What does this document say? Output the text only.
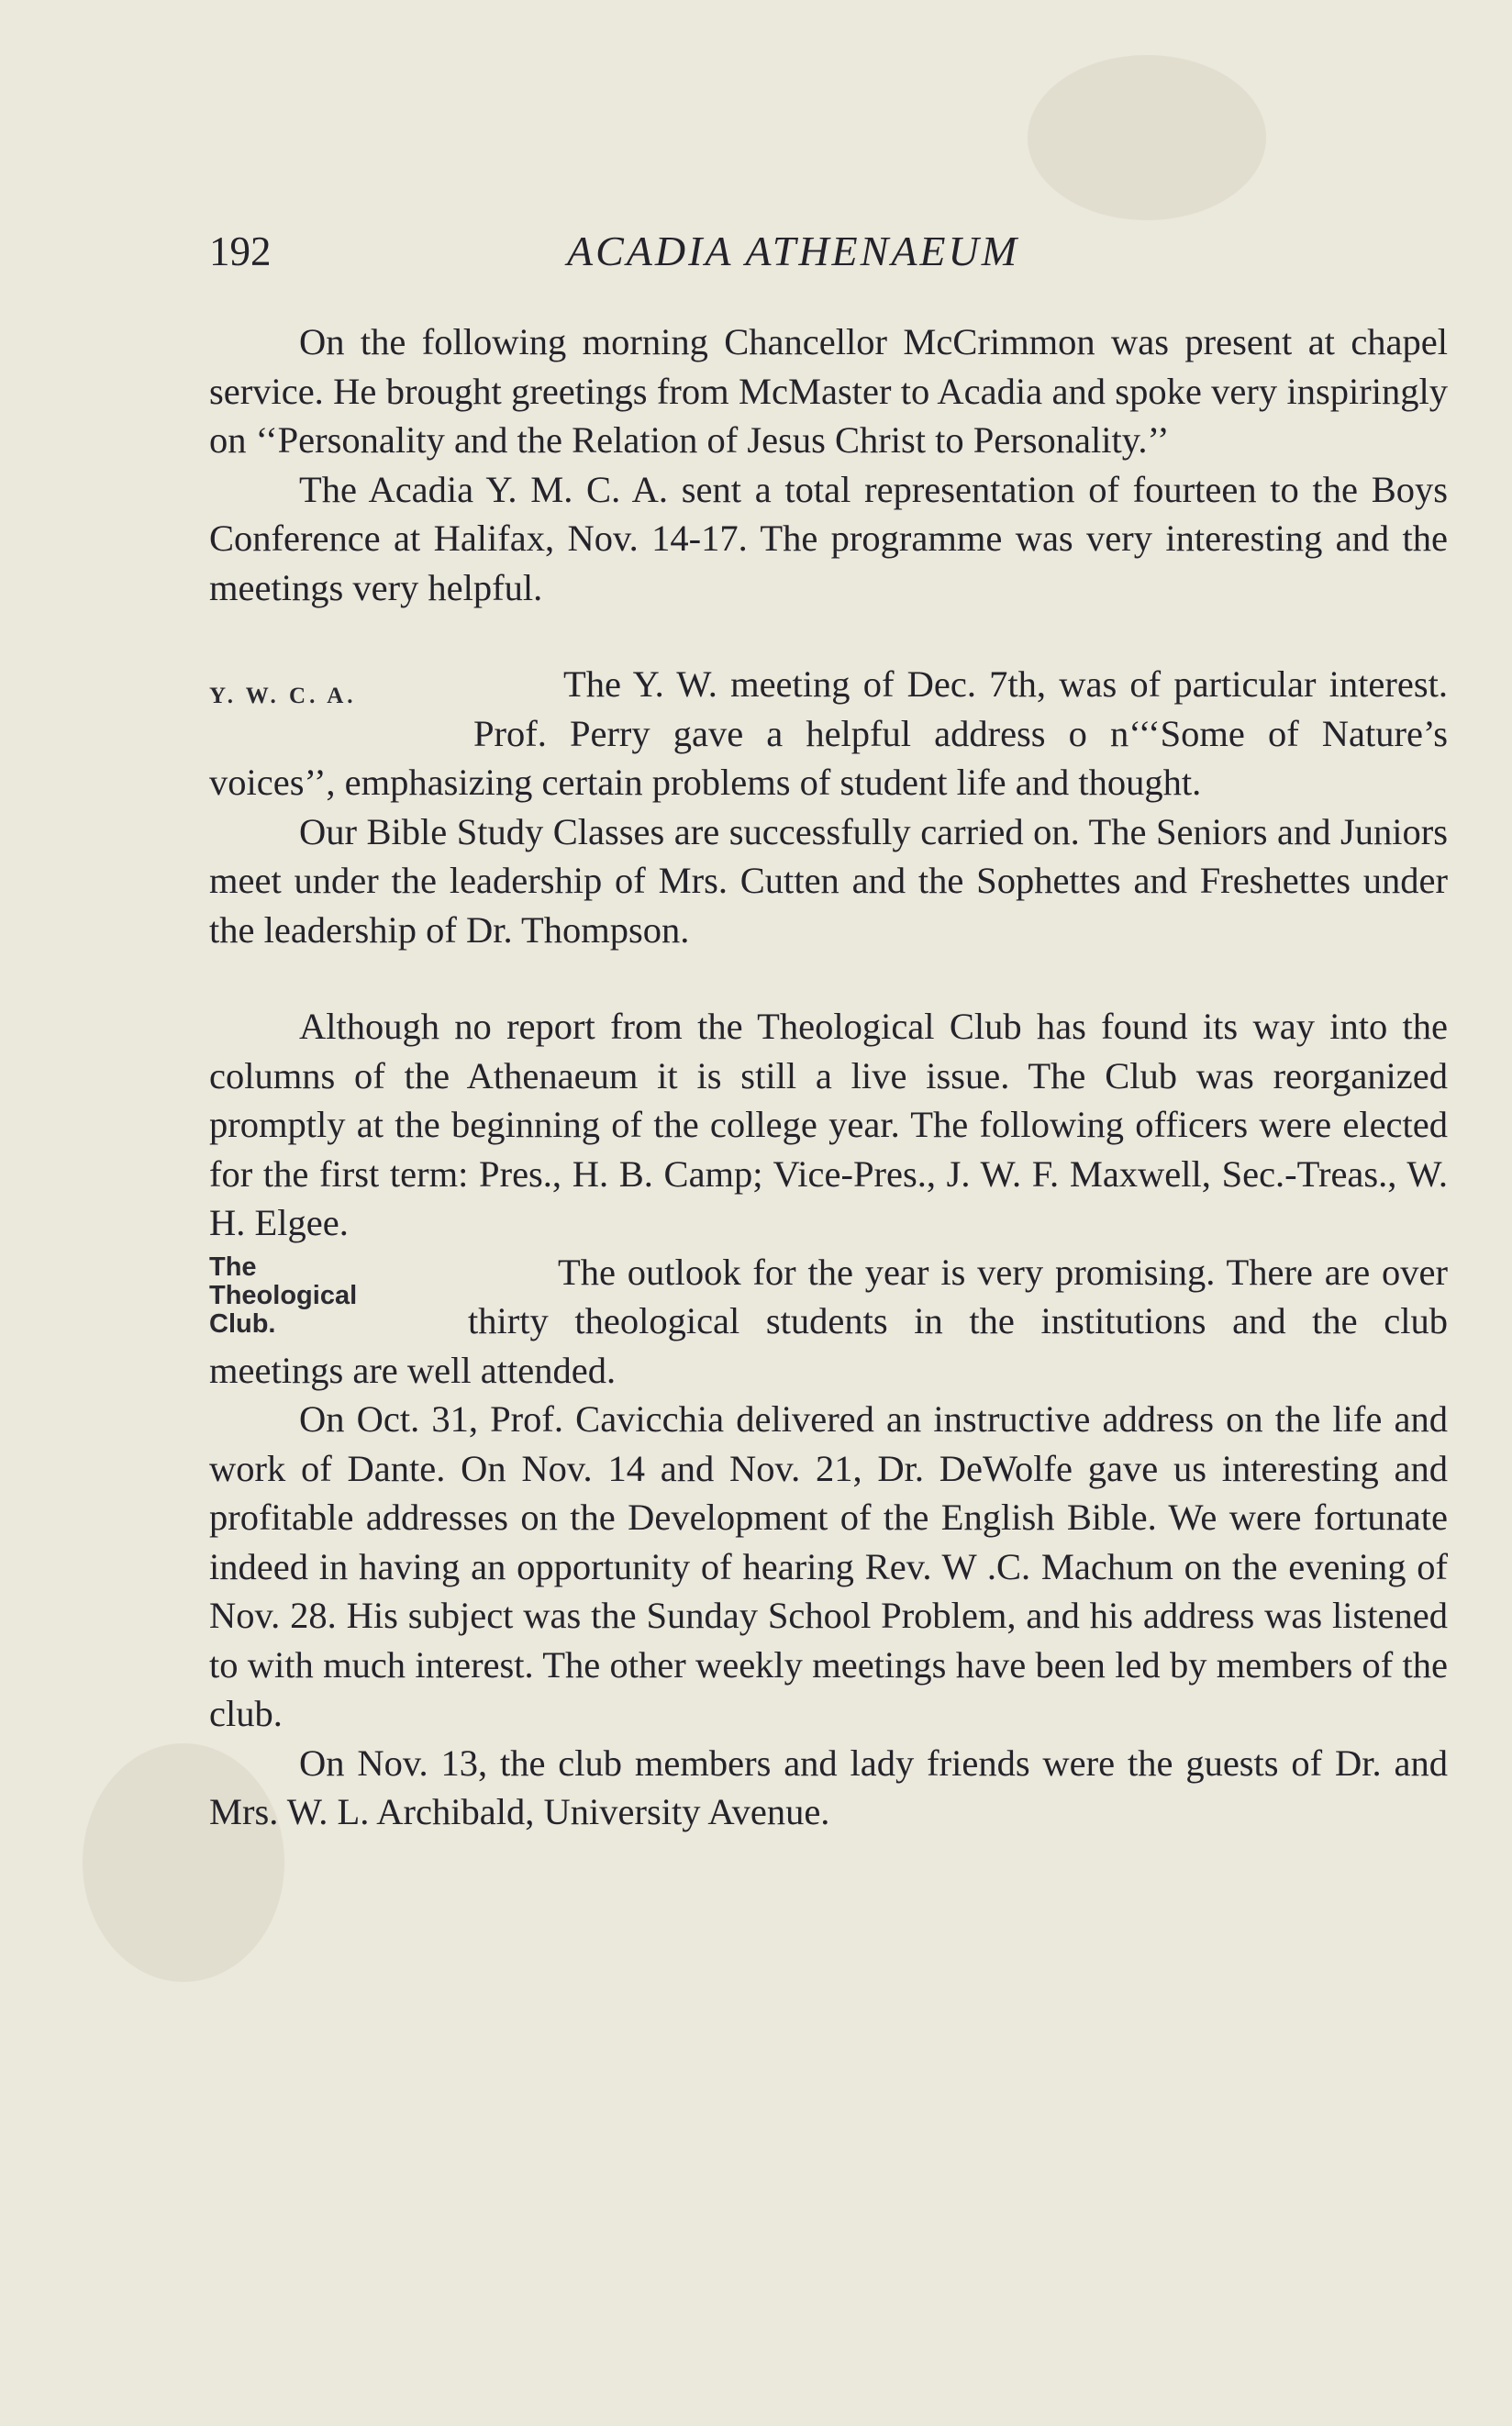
192	ACADIA ATHENAEUM

On the following morning Chancellor McCrimmon was present at chapel service. He brought greetings from McMaster to Acadia and spoke very inspiringly on ‘‘Personality and the Relation of Jesus Christ to Personality.’’

The Acadia Y. M. C. A. sent a total representation of fourteen to the Boys Conference at Halifax, Nov. 14-17. The programme was very interesting and the meetings very helpful.

Y. W. C. A.	The Y. W. meeting of Dec. 7th, was of particular interest. Prof. Perry gave a helpful address o n‘‘‘Some of Nature’s voices’’, emphasizing certain problems of student life and thought.

Our Bible Study Classes are successfully carried on. The Seniors and Juniors meet under the leadership of Mrs. Cutten and the Sophettes and Freshettes under the leadership of Dr. Thompson.

Although no report from the Theological Club has found its way into the columns of the Athenaeum it is still a live issue. The Club was reorganized promptly at the beginning of the college year. The following officers were elected for the first term: Pres., H. B. Camp; Vice-Pres., J. W. F. Maxwell, Sec.-Treas., W. H. Elgee.

The
Theological
Club.

The outlook for the year is very promising. There are over thirty theological students in the institutions and the club meetings are well attended.

On Oct. 31, Prof. Cavicchia delivered an instructive address on the life and work of Dante. On Nov. 14 and Nov. 21, Dr. DeWolfe gave us interesting and profitable addresses on the Development of the English Bible. We were fortunate indeed in having an opportunity of hearing Rev. W .C. Machum on the evening of Nov. 28. His subject was the Sunday School Problem, and his address was listened to with much interest. The other weekly meetings have been led by members of the club.

On Nov. 13, the club members and lady friends were the guests of Dr. and Mrs. W. L. Archibald, University Avenue.
